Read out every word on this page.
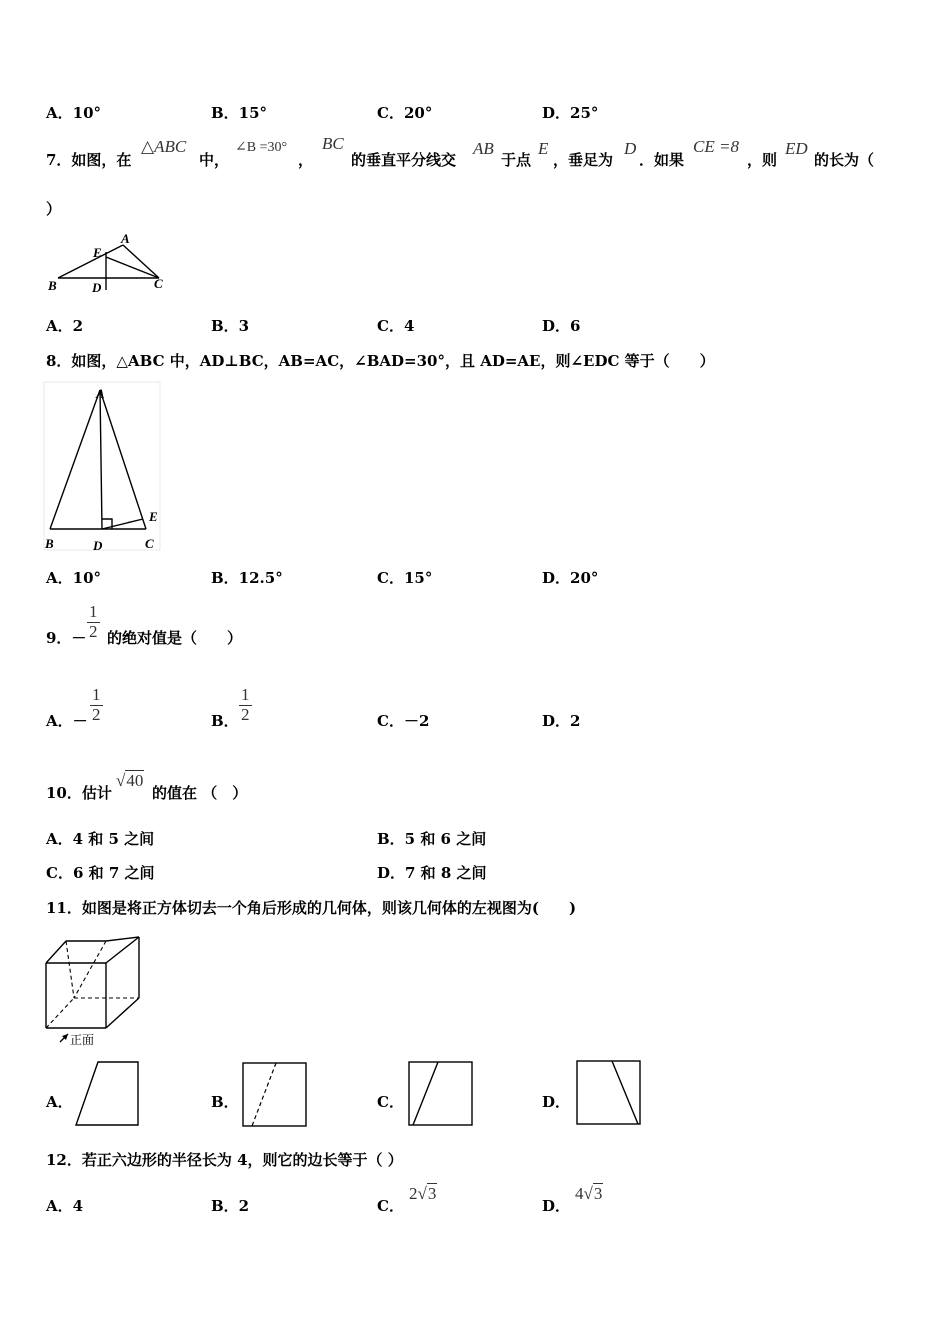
A．10°	B．15°	C．20°	D．25°
7．如图，在
△ABC
中，
∠B =30°
，
BC
的垂直平分线交
AB
于点
E
，垂足为
D
．如果
CE =8
，则
ED
的长为（
）
E
A
B	D	C
A．2	B．3	C．4	D．6
8．如图，△ABC 中，AD⊥BC，AB=AC，∠BAD=30°，且 AD=AE，则∠EDC 等于（　　）
A
E
B	D	C
A．10°	B．12.5°	C．15°	D．20°
9．－ $\frac{1}{2}$ 的绝对值是（　　）
A．－ $\frac{1}{2}$	B． $\frac{1}{2}$	C．－2	D．2
10．估计
√40
的值在 （　）
A．4 和 5 之间	B．5 和 6 之间
C．6 和 7 之间	D．7 和 8 之间
11．如图是将正方体切去一个角后形成的几何体，则该几何体的左视图为(　　)
正面
A．	B．	C．	D．
12．若正六边形的半径长为 4，则它的边长等于（ ）
A．4	B．2	C．
2√3
D．
4√3
